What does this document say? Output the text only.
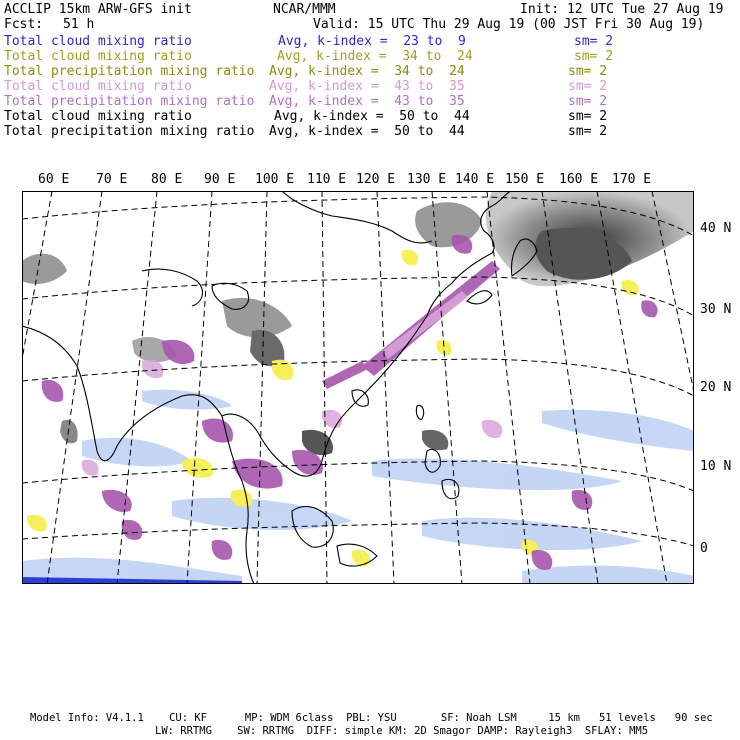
ACCLIP 15km ARW-GFS init	NCAR/MMM	Init: 12 UTC Tue 27 Aug 19
Fcst: 51 h	Valid: 15 UTC Thu 29 Aug 19 (00 JST Fri 30 Aug 19)
Total cloud mixing ratio	Avg, k-index =  23 to  9	sm= 2
Total cloud mixing ratio	Avg, k-index =  34 to  24	sm= 2
Total precipitation mixing ratio Avg, k-index =  34 to  24	sm= 2
Total cloud mixing ratio	Avg, k-index =  43 to  35	sm= 2
Total precipitation mixing ratio Avg, k-index =  43 to  35	sm= 2
Total cloud mixing ratio	Avg, k-index =  50 to  44	sm= 2
Total precipitation mixing ratio Avg, k-index =  50 to  44	sm= 2
60 E 70 E 80 E 90 E 100 E 110 E 120 E 130 E 140 E 150 E 160 E 170 E
40 N
30 N
20 N
10 N
0
Model Info: V4.1.1    CU: KF      MP: WDM 6class  PBL: YSU       SF: Noah LSM     15 km   51 levels   90 sec
LW: RRTMG    SW: RRTMG  DIFF: simple KM: 2D Smagor DAMP: Rayleigh3  SFLAY: MM5
